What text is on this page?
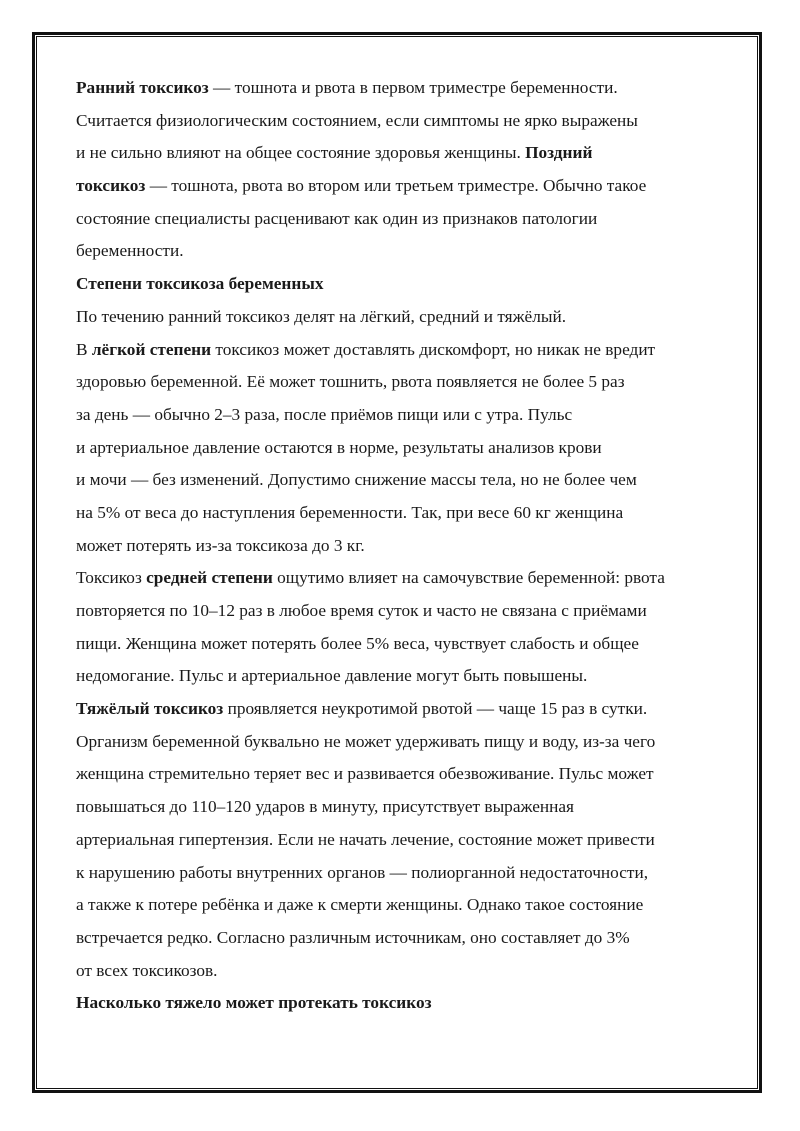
Ранний токсикоз — тошнота и рвота в первом триместре беременности.
Считается физиологическим состоянием, если симптомы не ярко выражены
и не сильно влияют на общее состояние здоровья женщины. Поздний
токсикоз — тошнота, рвота во втором или третьем триместре. Обычно такое
состояние специалисты расценивают как один из признаков патологии
беременности.
Степени токсикоза беременных
По течению ранний токсикоз делят на лёгкий, средний и тяжёлый.
В лёгкой степени токсикоз может доставлять дискомфорт, но никак не вредит
здоровью беременной. Её может тошнить, рвота появляется не более 5 раз
за день — обычно 2–3 раза, после приёмов пищи или с утра. Пульс
и артериальное давление остаются в норме, результаты анализов крови
и мочи — без изменений. Допустимо снижение массы тела, но не более чем
на 5% от веса до наступления беременности. Так, при весе 60 кг женщина
может потерять из-за токсикоза до 3 кг.
Токсикоз средней степени ощутимо влияет на самочувствие беременной: рвота
повторяется по 10–12 раз в любое время суток и часто не связана с приёмами
пищи. Женщина может потерять более 5% веса, чувствует слабость и общее
недомогание. Пульс и артериальное давление могут быть повышены.
Тяжёлый токсикоз проявляется неукротимой рвотой — чаще 15 раз в сутки.
Организм беременной буквально не может удерживать пищу и воду, из-за чего
женщина стремительно теряет вес и развивается обезвоживание. Пульс может
повышаться до 110–120 ударов в минуту, присутствует выраженная
артериальная гипертензия. Если не начать лечение, состояние может привести
к нарушению работы внутренних органов — полиорганной недостаточности,
а также к потере ребёнка и даже к смерти женщины. Однако такое состояние
встречается редко. Согласно различным источникам, оно составляет до 3%
от всех токсикозов.
Насколько тяжело может протекать токсикоз
